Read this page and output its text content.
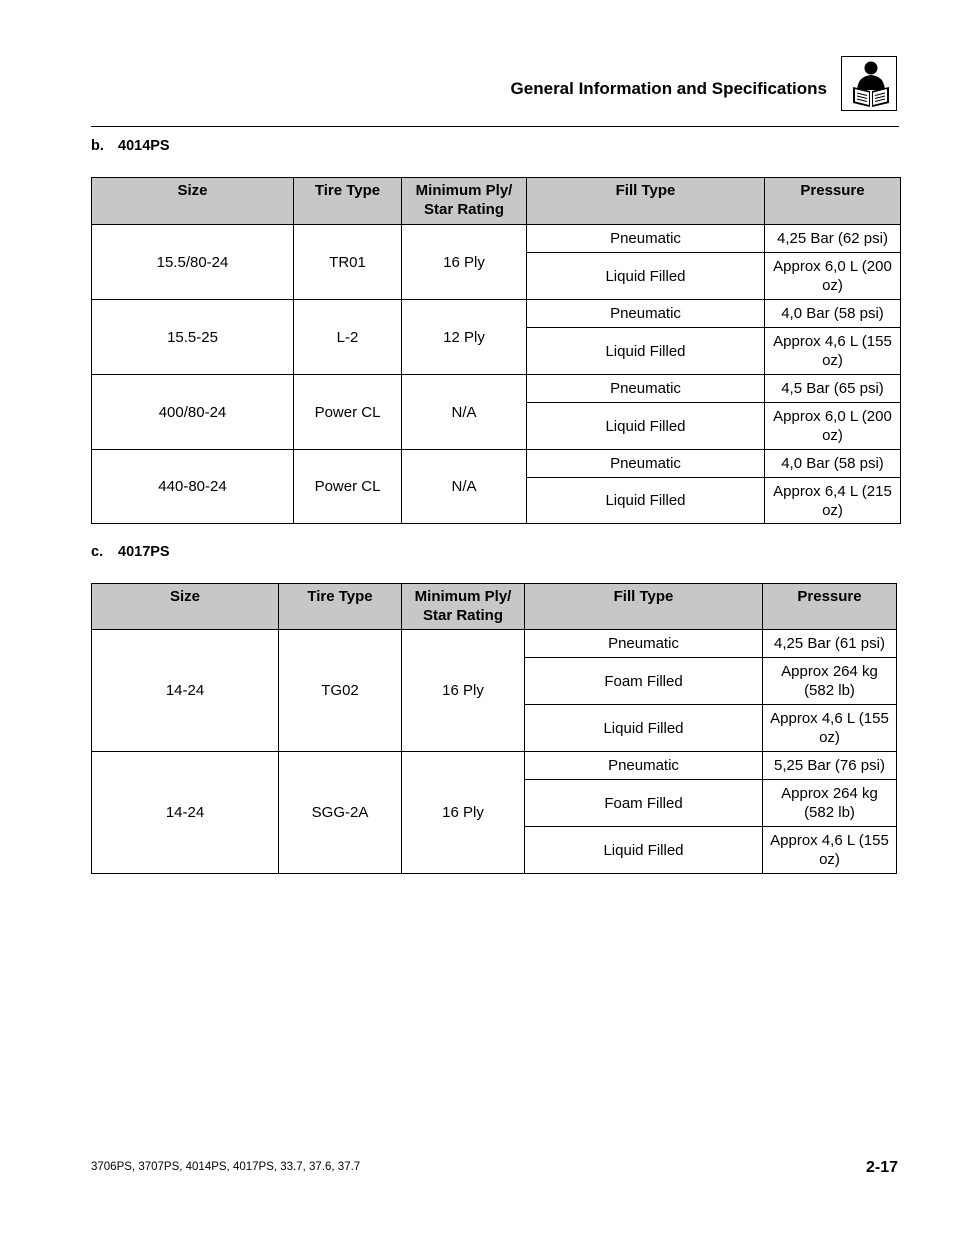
General Information and Specifications
b. 4014PS
Size	Tire Type	Minimum Ply/ Star Rating	Fill Type	Pressure
15.5/80-24	TR01	16 Ply	Pneumatic	4,25 Bar (62 psi)
			Liquid Filled	Approx 6,0 L (200 oz)
15.5-25	L-2	12 Ply	Pneumatic	4,0 Bar (58 psi)
			Liquid Filled	Approx 4,6 L (155 oz)
400/80-24	Power CL	N/A	Pneumatic	4,5 Bar (65 psi)
			Liquid Filled	Approx 6,0 L (200 oz)
440-80-24	Power CL	N/A	Pneumatic	4,0 Bar (58 psi)
			Liquid Filled	Approx 6,4 L (215 oz)
c. 4017PS
Size	Tire Type	Minimum Ply/ Star Rating	Fill Type	Pressure
14-24	TG02	16 Ply	Pneumatic	4,25 Bar (61 psi)
			Foam Filled	Approx 264 kg (582 lb)
			Liquid Filled	Approx 4,6 L (155 oz)
14-24	SGG-2A	16 Ply	Pneumatic	5,25 Bar (76 psi)
			Foam Filled	Approx 264 kg (582 lb)
			Liquid Filled	Approx 4,6 L (155 oz)
3706PS, 3707PS, 4014PS, 4017PS, 33.7, 37.6, 37.7	2-17
